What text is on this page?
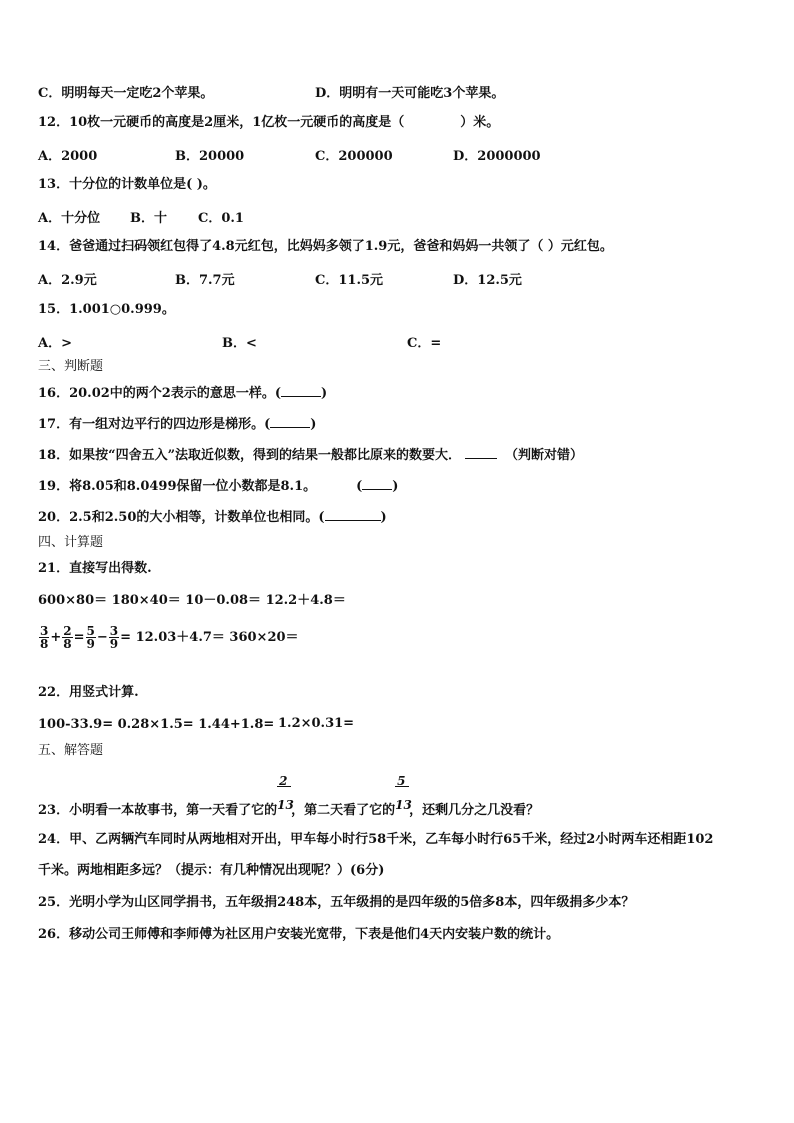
C．明明每天一定吃2个苹果。	D．明明有一天可能吃3个苹果。
12．10枚一元硬币的高度是2厘米，1亿枚一元硬币的高度是（	）米。
A．2000	B．20000	C．200000	D．2000000
13．十分位的计数单位是( )。
A．十分位 B．十 C．0.1
14．爸爸通过扫码领红包得了4.8元红包，比妈妈多领了1.9元，爸爸和妈妈一共领了（ ）元红包。
A．2.9元	B．7.7元	C．11.5元	D．12.5元
15．1.001○0.999。
A．>	B．<	C．=
三、判断题
16．20.02中的两个2表示的意思一样。(	)
17．有一组对边平行的四边形是梯形。(	)
18．如果按“四舍五入”法取近似数，得到的结果一般都比原来的数要大．	（判断对错）
19．将8.05和8.0499保留一位小数都是8.1。	( )
20．2.5和2.50的大小相等，计数单位也相同。(	)
四、计算题
21．直接写出得数.
600×80＝ 180×40＝ 10－0.08＝ 12.2＋4.8＝
$\frac{3}{8} + \frac{2}{8} = \frac{5}{9} - \frac{3}{9} = 12.03+4.7= 360\times 20=$
22．用竖式计算.
100-33.9= 0.28×1.5= 1.44+1.8= 1.2×0.31=
五、解答题
23．小明看一本故事书，第一天看了它的 $\frac{2}{13}$ ，第二天看了它的 $\frac{5}{13}$ ，还剩几分之几没看？
24．甲、乙两辆汽车同时从两地相对开出，甲车每小时行58千米，乙车每小时行65千米，经过2小时两车还相距102
千米。两地相距多远？（提示：有几种情况出现呢？）(6分)
25．光明小学为山区同学捐书，五年级捐248本，五年级捐的是四年级的5倍多8本，四年级捐多少本？
26．移动公司王师傅和李师傅为社区用户安装光宽带，下表是他们4天内安装户数的统计。
